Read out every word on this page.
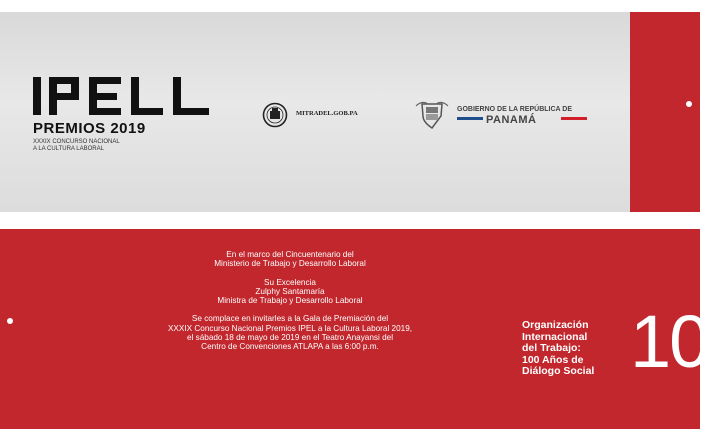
PREMIOS 2019
XXXIX CONCURSO NACIONAL
A LA CULTURA LABORAL
MITRADEL.GOB.PA
GOBIERNO DE LA REPÚBLICA DE
PANAMÁ
En el marco del Cincuentenario del
Ministerio de Trabajo y Desarrollo Laboral
Su Excelencia
Zulphy Santamaría
Ministra de Trabajo y Desarrollo Laboral
Se complace en invitarles a la Gala de Premiación del
XXXIX Concurso Nacional Premios IPEL a la Cultura Laboral 2019,
el sábado 18 de mayo de 2019 en el Teatro Anayansi del
Centro de Convenciones ATLAPA a las 6:00 p.m.
Organización
Internacional
del Trabajo:
100 Años de
Diálogo Social 10
